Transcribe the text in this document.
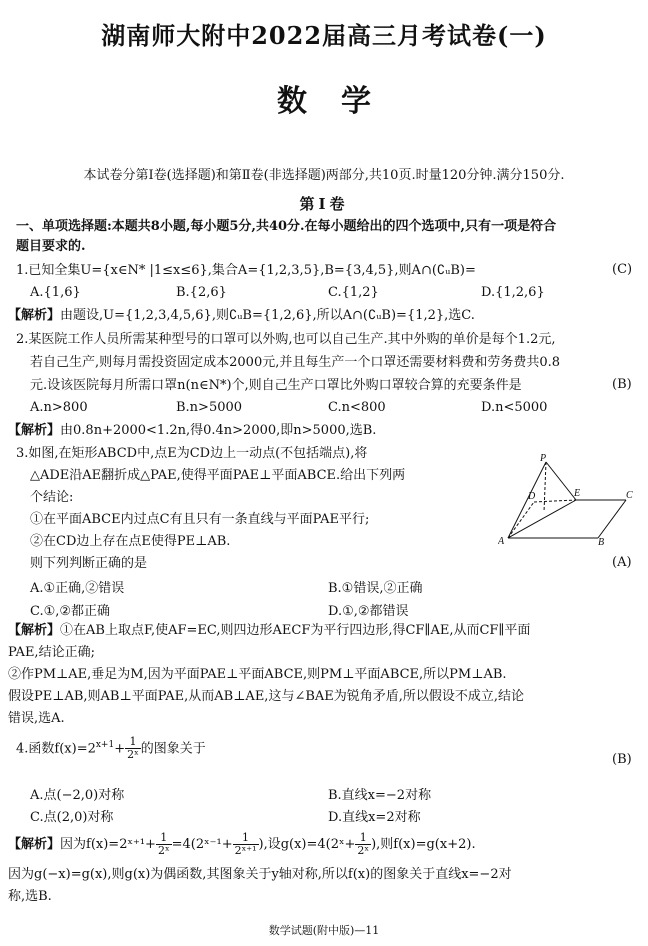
湖南师大附中2022届高三月考试卷(一)
数学
本试卷分第Ⅰ卷(选择题)和第Ⅱ卷(非选择题)两部分,共10页.时量120分钟.满分150分.
第Ⅰ卷
一、单项选择题:本题共8小题,每小题5分,共40分.在每小题给出的四个选项中,只有一项是符合
题目要求的.
1.已知全集U={x∈N* |1≤x≤6},集合A={1,2,3,5},B={3,4,5},则A∩(∁ᵤB)=	(C)
A.{1,6}	B.{2,6}	C.{1,2}	D.{1,2,6}
【解析】由题设,U={1,2,3,4,5,6},则∁ᵤB={1,2,6},所以A∩(∁ᵤB)={1,2},选C.
2.某医院工作人员所需某种型号的口罩可以外购,也可以自己生产.其中外购的单价是每个1.2元,
若自己生产,则每月需投资固定成本2000元,并且每生产一个口罩还需要材料费和劳务费共0.8
元.设该医院每月所需口罩n(n∈N*)个,则自己生产口罩比外购口罩较合算的充要条件是	(B)
A.n>800	B.n>5000	C.n<800	D.n<5000
【解析】由0.8n+2000<1.2n,得0.4n>2000,即n>5000,选B.
3.如图,在矩形ABCD中,点E为CD边上一动点(不包括端点),将
△ADE沿AE翻折成△PAE,使得平面PAE⊥平面ABCE.给出下列两
个结论:
①在平面ABCE内过点C有且只有一条直线与平面PAE平行;
②在CD边上存在点E使得PE⊥AB.
则下列判断正确的是	(A)
P
D	E	C
A	B
A.①正确,②错误	B.①错误,②正确
C.①,②都正确	D.①,②都错误
【解析】①在AB上取点F,使AF=EC,则四边形AECF为平行四边形,得CF∥AE,从而CF∥平面
PAE,结论正确;
②作PM⊥AE,垂足为M,因为平面PAE⊥平面ABCE,则PM⊥平面ABCE,所以PM⊥AB.
假设PE⊥AB,则AB⊥平面PAE,从而AB⊥AE,这与∠BAE为锐角矛盾,所以假设不成立,结论
错误,选A.
4.函数$f(x)=2^{x+1}+ \frac{1}{\text{2ˣ}}$ 的图象关于
(B)
A.点(−2,0)对称	B.直线x=−2对称
C.点(2,0)对称	D.直线x=2对称
【解析】因为f(x)=2ˣ⁺¹+ $\frac{1}{\text{2ˣ}}$ =4(2ˣ⁻¹+ $\frac{1}{\text{2ˣ⁺¹}}$ ),设g(x)=4(2ˣ+ $\frac{1}{\text{2ˣ}}$ ),则f(x)=g(x+2).
因为g(−x)=g(x),则g(x)为偶函数,其图象关于y轴对称,所以f(x)的图象关于直线x=−2对
称,选B.
数学试题(附中版)—11
